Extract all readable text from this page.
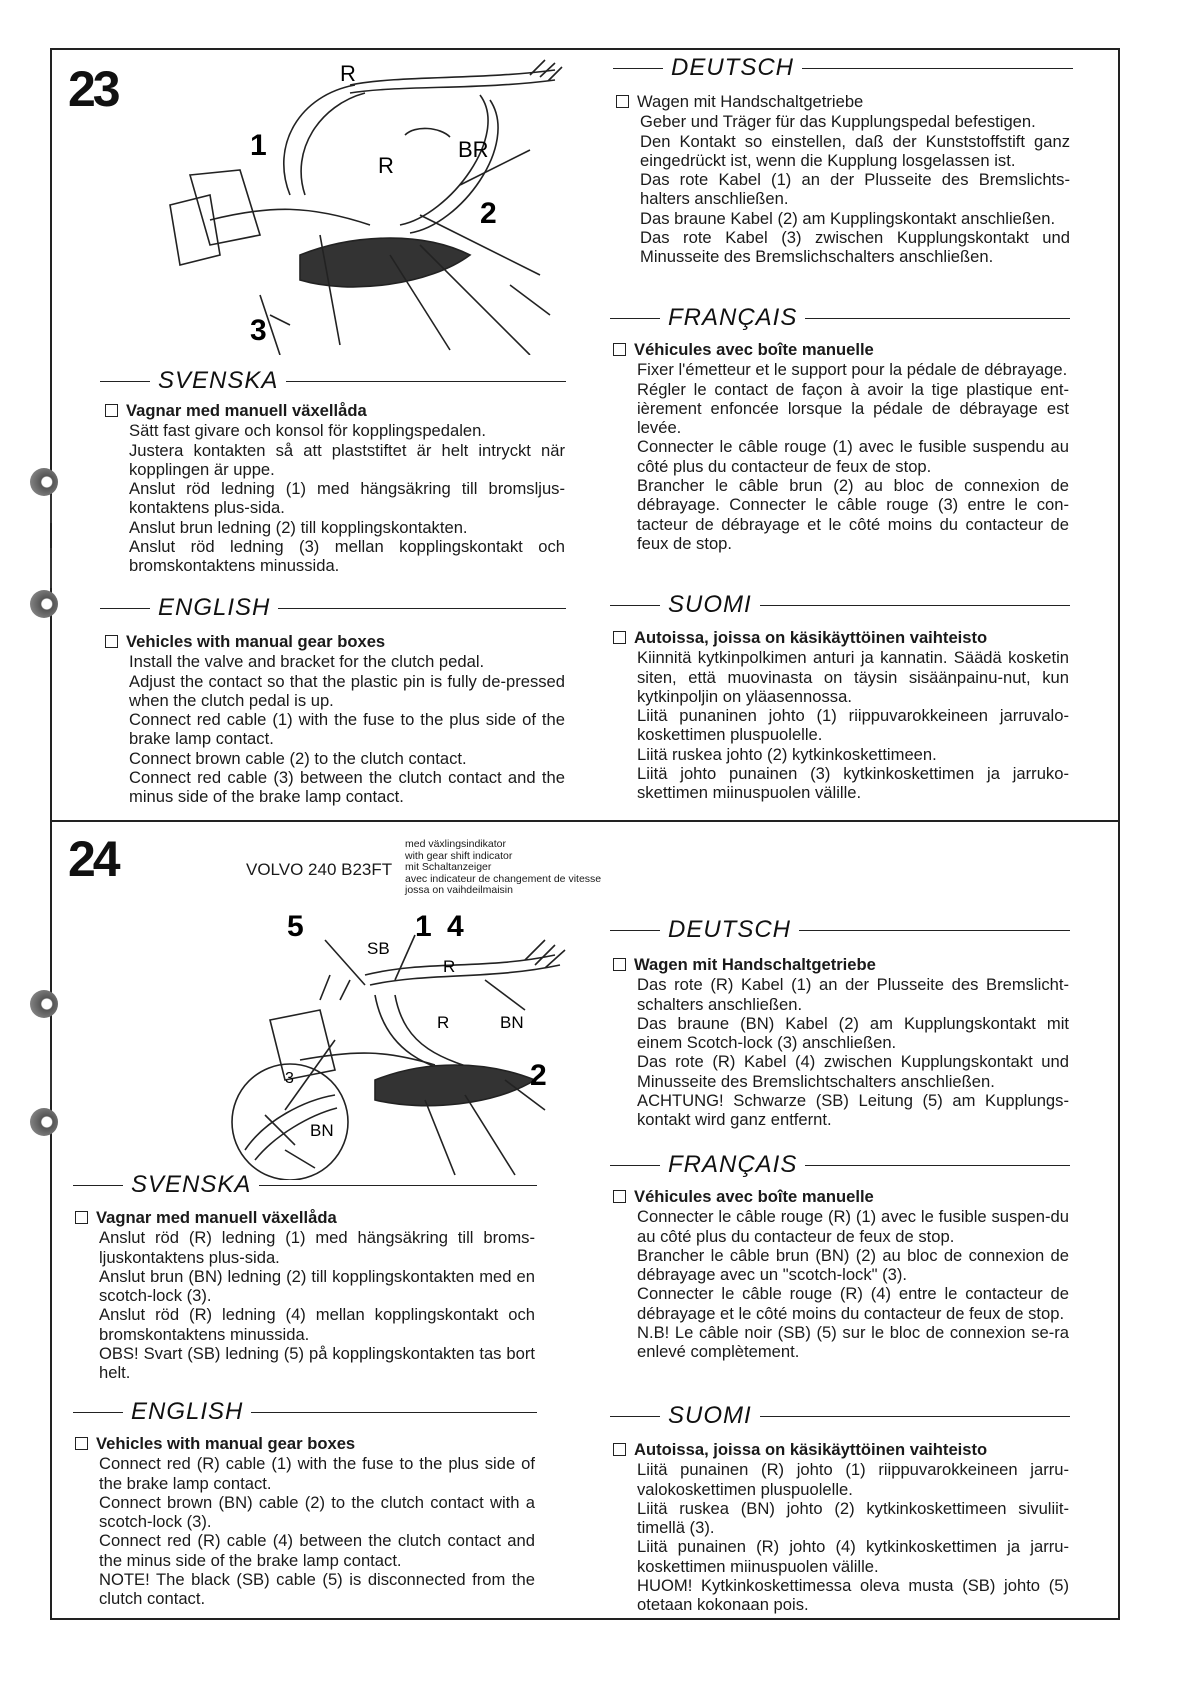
23	R
1
R
BR
2
3
SVENSKA
Vagnar med manuell växellåda
Sätt fast givare och konsol för kopplingspedalen.
Justera kontakten så att plaststiftet är helt intryckt när kopplingen är uppe.
Anslut röd ledning (1) med hängsäkring till bromsljus-kontaktens plus-sida.
Anslut brun ledning (2) till kopplingskontakten.
Anslut röd ledning (3) mellan kopplingskontakt och bromskontaktens minussida.
ENGLISH
Vehicles with manual gear boxes
Install the valve and bracket for the clutch pedal.
Adjust the contact so that the plastic pin is fully de-pressed when the clutch pedal is up.
Connect red cable (1) with the fuse to the plus side of the brake lamp contact.
Connect brown cable (2) to the clutch contact.
Connect red cable (3) between the clutch contact and the minus side of the brake lamp contact.
DEUTSCH
Wagen mit Handschaltgetriebe
Geber und Träger für das Kupplungspedal befestigen.
Den Kontakt so einstellen, daß der Kunststoffstift ganz eingedrückt ist, wenn die Kupplung losgelassen ist.
Das rote Kabel (1) an der Plusseite des Bremslichts-halters anschließen.
Das braune Kabel (2) am Kupplingskontakt anschließen.
Das rote Kabel (3) zwischen Kupplungskontakt und Minusseite des Bremslichschalters anschließen.
FRANÇAIS
Véhicules avec boîte manuelle
Fixer l'émetteur et le support pour la pédale de débrayage.
Régler le contact de façon à avoir la tige plastique ent-ièrement enfoncée lorsque la pédale de débrayage est levée.
Connecter le câble rouge (1) avec le fusible suspendu au côté plus du contacteur de feux de stop.
Brancher le câble brun (2) au bloc de connexion de débrayage. Connecter le câble rouge (3) entre le con-tacteur de débrayage et le côté moins du contacteur de feux de stop.
SUOMI
Autoissa, joissa on käsikäyttöinen vaihteisto
Kiinnitä kytkinpolkimen anturi ja kannatin. Säädä kosketin siten, että muovinasta on täysin sisäänpainu-nut, kun kytkinpoljin on yläasennossa.
Liitä punaninen johto (1) riippuvarokkeineen jarruvalo-koskettimen pluspuolelle.
Liitä ruskea johto (2) kytkinkoskettimeen.
Liitä johto punainen (3) kytkinkoskettimen ja jarruko-skettimen miinuspuolen välille.
24	VOLVO 240 B23FT
med växlingsindikator
with gear shift indicator
mit Schaltanzeiger
avec indicateur de changement de vitesse
jossa on vaihdeilmaisin
5	1 4
SB
R
R	BN
2
3
BN
SVENSKA
Vagnar med manuell växellåda
Anslut röd (R) ledning (1) med hängsäkring till broms-ljuskontaktens plus-sida.
Anslut brun (BN) ledning (2) till kopplingskontakten med en scotch-lock (3).
Anslut röd (R) ledning (4) mellan kopplingskontakt och bromskontaktens minussida.
OBS! Svart (SB) ledning (5) på kopplingskontakten tas bort helt.
ENGLISH
Vehicles with manual gear boxes
Connect red (R) cable (1) with the fuse to the plus side of the brake lamp contact.
Connect brown (BN) cable (2) to the clutch contact with a scotch-lock (3).
Connect red (R) cable (4) between the clutch contact and the minus side of the brake lamp contact.
NOTE! The black (SB) cable (5) is disconnected from the clutch contact.
DEUTSCH
Wagen mit Handschaltgetriebe
Das rote (R) Kabel (1) an der Plusseite des Bremslicht-schalters anschließen.
Das braune (BN) Kabel (2) am Kupplungskontakt mit einem Scotch-lock (3) anschließen.
Das rote (R) Kabel (4) zwischen Kupplungskontakt und Minusseite des Bremslichtschalters anschließen.
ACHTUNG! Schwarze (SB) Leitung (5) am Kupplungs-kontakt wird ganz entfernt.
FRANÇAIS
Véhicules avec boîte manuelle
Connecter le câble rouge (R) (1) avec le fusible suspen-du au côté plus du contacteur de feux de stop.
Brancher le câble brun (BN) (2) au bloc de connexion de débrayage avec un "scotch-lock" (3).
Connecter le câble rouge (R) (4) entre le contacteur de débrayage et le côté moins du contacteur de feux de stop.
N.B! Le câble noir (SB) (5) sur le bloc de connexion se-ra enlevé complètement.
SUOMI
Autoissa, joissa on käsikäyttöinen vaihteisto
Liitä punainen (R) johto (1) riippuvarokkeineen jarru-valokoskettimen pluspuolelle.
Liitä ruskea (BN) johto (2) kytkinkoskettimeen sivuliit-timellä (3).
Liitä punainen (R) johto (4) kytkinkoskettimen ja jarru-koskettimen miinuspuolen välille.
HUOM! Kytkinkoskettimessa oleva musta (SB) johto (5) otetaan kokonaan pois.
